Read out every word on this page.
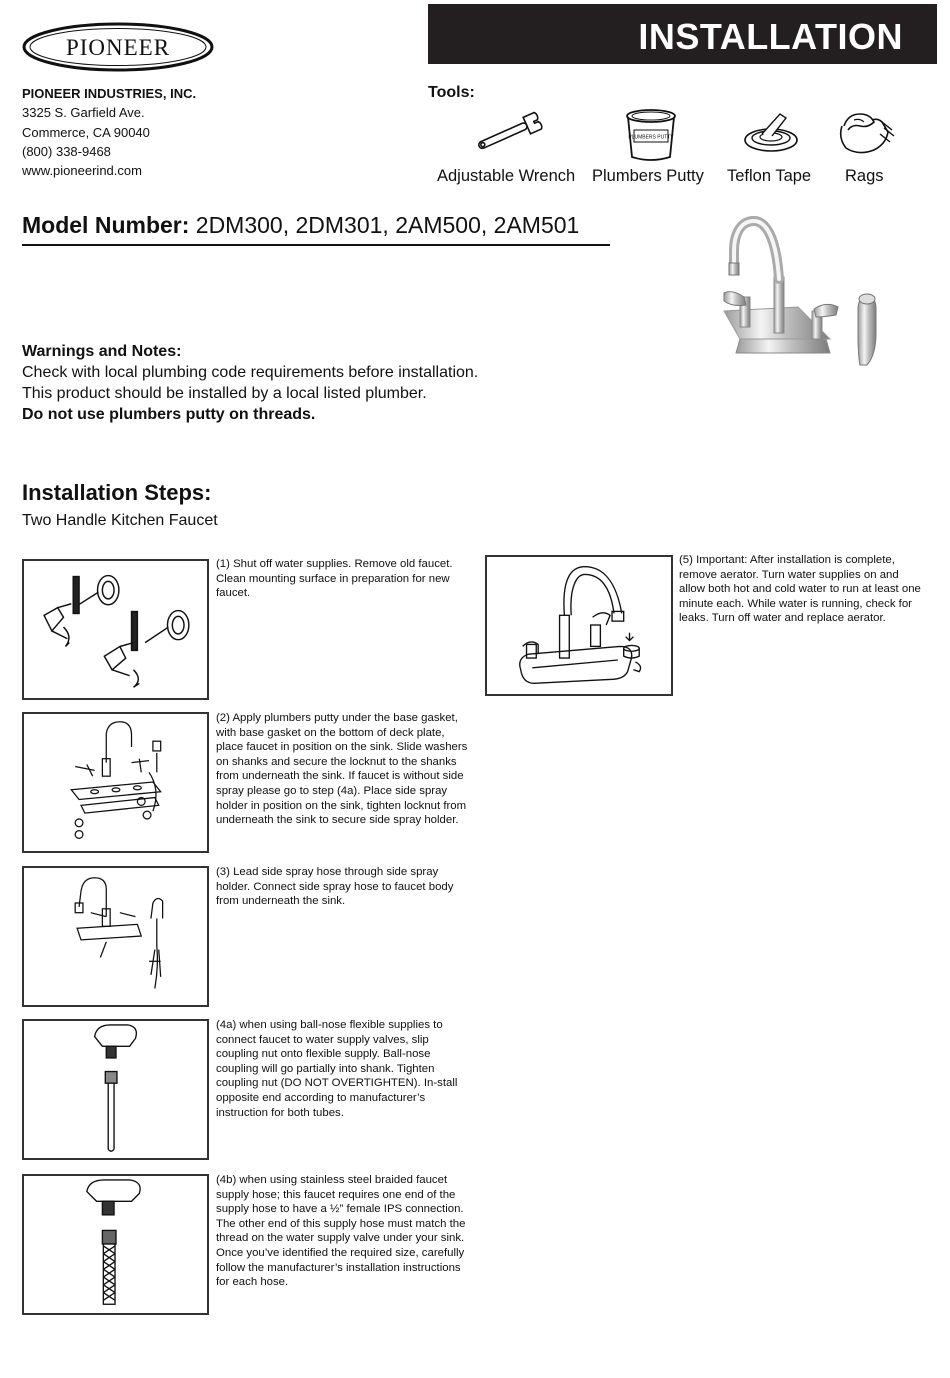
PIONEER	INSTALLATION
PIONEER INDUSTRIES, INC.
3325 S. Garfield Ave.
Commerce, CA 90040
(800) 338-9468
www.pioneerind.com
Tools:
PLUMBERS PUTTY
Adjustable Wrench Plumbers Putty Teflon Tape Rags
Model Number: 2DM300, 2DM301, 2AM500, 2AM501
Warnings and Notes:
Check with local plumbing code requirements before installation.
This product should be installed by a local listed plumber.
Do not use plumbers putty on threads.
Installation Steps:
Two Handle Kitchen Faucet
(1) Shut off water supplies. Remove old faucet. Clean mounting surface in preparation for new faucet.
(2) Apply plumbers putty under the base gasket, with base gasket on the bottom of deck plate, place faucet in position on the sink. Slide washers on shanks and secure the locknut to the shanks from underneath the sink. If faucet is without side spray please go to step (4a). Place side spray holder in position on the sink, tighten locknut from underneath the sink to secure side spray holder.
(3) Lead side spray hose through side spray holder. Connect side spray hose to faucet body from underneath the sink.
(4a) when using ball-nose flexible supplies to connect faucet to water supply valves, slip coupling nut onto flexible supply. Ball-nose coupling will go partially into shank. Tighten coupling nut (DO NOT OVERTIGHTEN). In-stall opposite end according to manufacturer’s instruction for both tubes.
(4b) when using stainless steel braided faucet supply hose; this faucet requires one end of the supply hose to have a ½” female IPS connection. The other end of this supply hose must match the thread on the water supply valve under your sink. Once you’ve identified the required size, carefully follow the manufacturer’s installation instructions for each hose.
(5) Important: After installation is complete, remove aerator. Turn water supplies on and allow both hot and cold water to run at least one minute each. While water is running, check for leaks. Turn off water and replace aerator.
